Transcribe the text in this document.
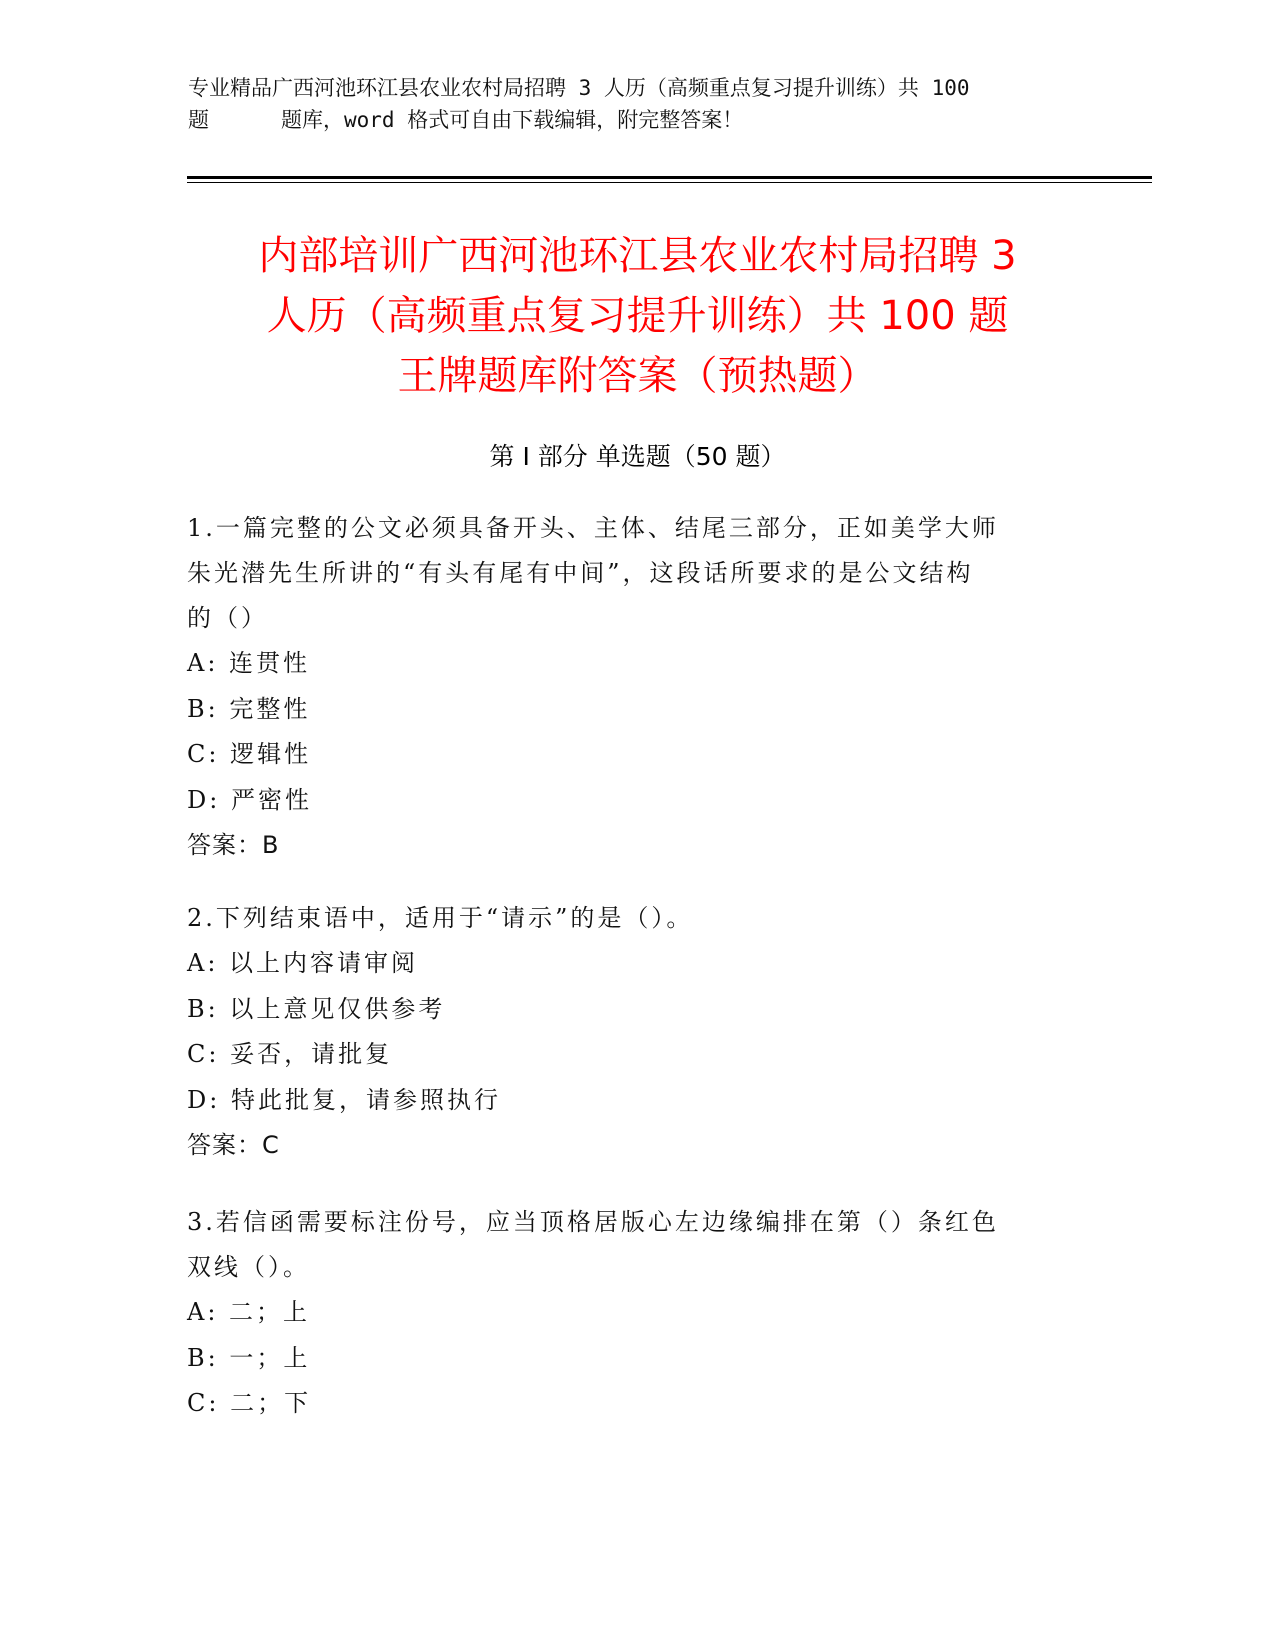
专业精品广西河池环江县农业农村局招聘 3 人历（高频重点复习提升训练）共 100
题	题库，word 格式可自由下载编辑，附完整答案！
内部培训广西河池环江县农业农村局招聘 3
人历（高频重点复习提升训练）共 100 题
王牌题库附答案（预热题）
第 I 部分 单选题（50 题）
1.一篇完整的公文必须具备开头、主体、结尾三部分，正如美学大师
朱光潜先生所讲的“有头有尾有中间”，这段话所要求的是公文结构
的（）
A: 连贯性
B: 完整性
C: 逻辑性
D: 严密性
答案：B
2.下列结束语中，适用于“请示”的是（）。
A: 以上内容请审阅
B: 以上意见仅供参考
C: 妥否，请批复
D: 特此批复，请参照执行
答案：C
3.若信函需要标注份号，应当顶格居版心左边缘编排在第（）条红色
双线（）。
A: 二；上
B: 一；上
C: 二；下
